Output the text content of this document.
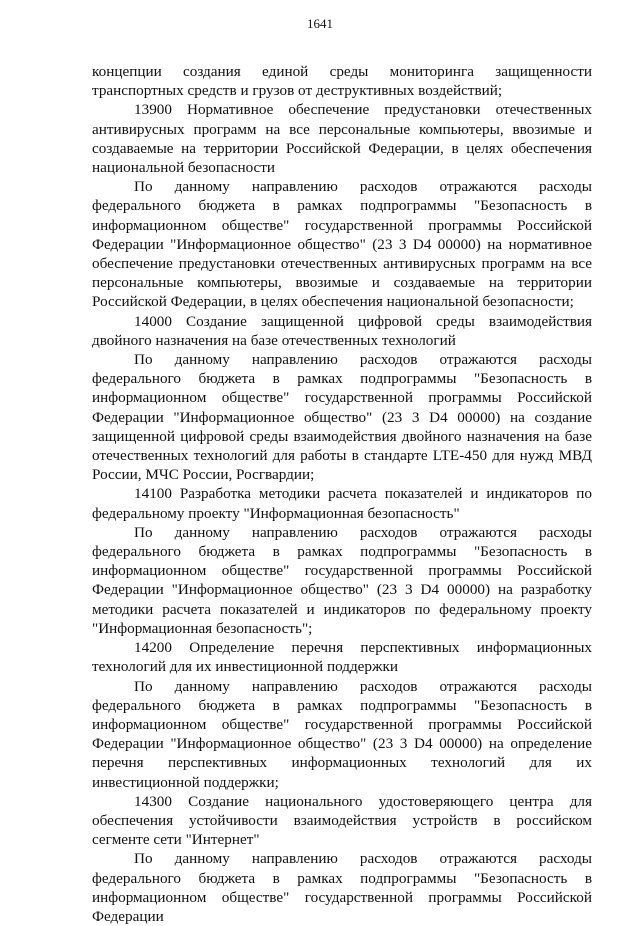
1641

концепции создания единой среды мониторинга защищенности транспортных средств и грузов от деструктивных воздействий;

13900 Нормативное обеспечение предустановки отечественных антивирусных программ на все персональные компьютеры, ввозимые и создаваемые на территории Российской Федерации, в целях обеспечения национальной безопасности

По данному направлению расходов отражаются расходы федерального бюджета в рамках подпрограммы "Безопасность в информационном обществе" государственной программы Российской Федерации "Информационное общество" (23 3 D4 00000) на нормативное обеспечение предустановки отечественных антивирусных программ на все персональные компьютеры, ввозимые и создаваемые на территории Российской Федерации, в целях обеспечения национальной безопасности;

14000 Создание защищенной цифровой среды взаимодействия двойного назначения на базе отечественных технологий

По данному направлению расходов отражаются расходы федерального бюджета в рамках подпрограммы "Безопасность в информационном обществе" государственной программы Российской Федерации "Информационное общество" (23 3 D4 00000) на создание защищенной цифровой среды взаимодействия двойного назначения на базе отечественных технологий для работы в стандарте LTE-450 для нужд МВД России, МЧС России, Росгвардии;

14100 Разработка методики расчета показателей и индикаторов по федеральному проекту "Информационная безопасность"

По данному направлению расходов отражаются расходы федерального бюджета в рамках подпрограммы "Безопасность в информационном обществе" государственной программы Российской Федерации "Информационное общество" (23 3 D4 00000) на разработку методики расчета показателей и индикаторов по федеральному проекту "Информационная безопасность";

14200 Определение перечня перспективных информационных технологий для их инвестиционной поддержки

По данному направлению расходов отражаются расходы федерального бюджета в рамках подпрограммы "Безопасность в информационном обществе" государственной программы Российской Федерации "Информационное общество" (23 3 D4 00000) на определение перечня перспективных информационных технологий для их инвестиционной поддержки;

14300 Создание национального удостоверяющего центра для обеспечения устойчивости взаимодействия устройств в российском сегменте сети "Интернет"

По данному направлению расходов отражаются расходы федерального бюджета в рамках подпрограммы "Безопасность в информационном обществе" государственной программы Российской Федерации
